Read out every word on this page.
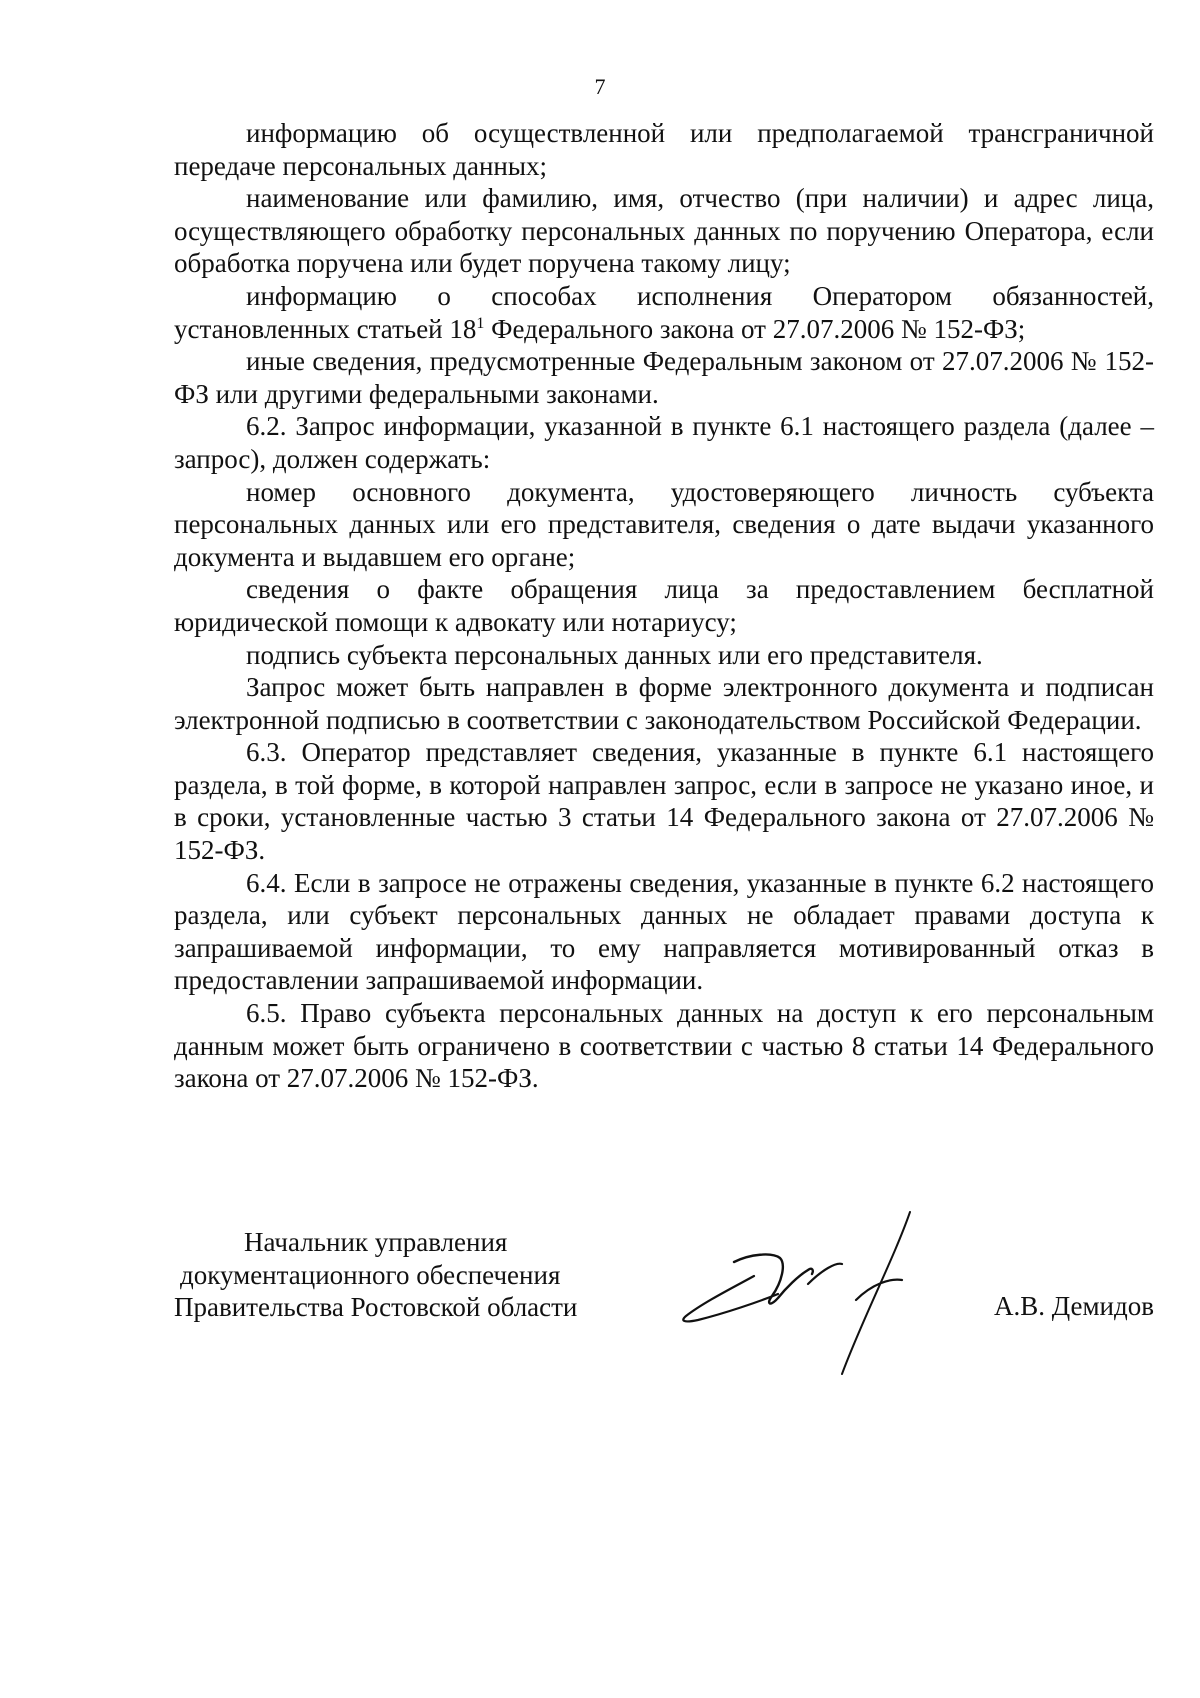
7

информацию об осуществленной или предполагаемой трансграничной передаче персональных данных;

наименование или фамилию, имя, отчество (при наличии) и адрес лица, осуществляющего обработку персональных данных по поручению Оператора, если обработка поручена или будет поручена такому лицу;

информацию о способах исполнения Оператором обязанностей, установленных статьей $18^1$ Федерального закона от 27.07.2006 № 152-ФЗ;

иные сведения, предусмотренные Федеральным законом от 27.07.2006 № 152-ФЗ или другими федеральными законами.

6.2. Запрос информации, указанной в пункте 6.1 настоящего раздела (далее – запрос), должен содержать:

номер основного документа, удостоверяющего личность субъекта персональных данных или его представителя, сведения о дате выдачи указанного документа и выдавшем его органе;

сведения о факте обращения лица за предоставлением бесплатной юридической помощи к адвокату или нотариусу;

подпись субъекта персональных данных или его представителя.

Запрос может быть направлен в форме электронного документа и подписан электронной подписью в соответствии с законодательством Российской Федерации.

6.3. Оператор представляет сведения, указанные в пункте 6.1 настоящего раздела, в той форме, в которой направлен запрос, если в запросе не указано иное, и в сроки, установленные частью 3 статьи 14 Федерального закона от 27.07.2006 № 152-ФЗ.

6.4. Если в запросе не отражены сведения, указанные в пункте 6.2 настоящего раздела, или субъект персональных данных не обладает правами доступа к запрашиваемой информации, то ему направляется мотивированный отказ в предоставлении запрашиваемой информации.

6.5. Право субъекта персональных данных на доступ к его персональным данным может быть ограничено в соответствии с частью 8 статьи 14 Федерального закона от 27.07.2006 № 152-ФЗ.

Начальник управления
документационного обеспечения
Правительства Ростовской области	А.В. Демидов
